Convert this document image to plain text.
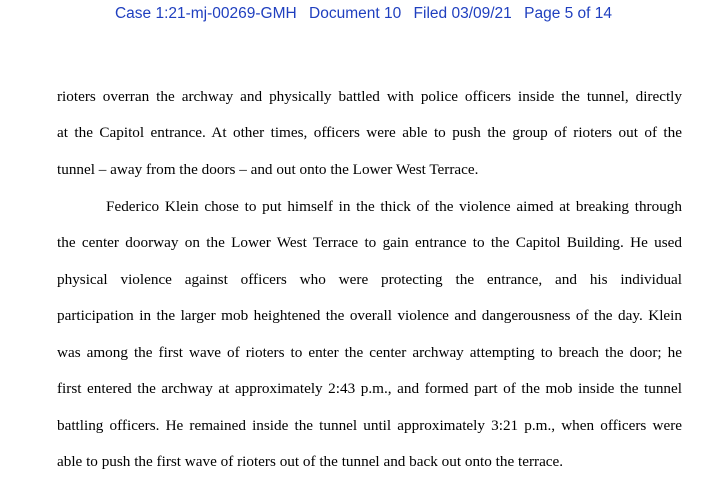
Case 1:21-mj-00269-GMH Document 10 Filed 03/09/21 Page 5 of 14
rioters overran the archway and physically battled with police officers inside the tunnel, directly
at the Capitol entrance. At other times, officers were able to push the group of rioters out of the
tunnel – away from the doors – and out onto the Lower West Terrace.
Federico Klein chose to put himself in the thick of the violence aimed at breaking through
the center doorway on the Lower West Terrace to gain entrance to the Capitol Building. He used
physical violence against officers who were protecting the entrance, and his individual
participation in the larger mob heightened the overall violence and dangerousness of the day. Klein
was among the first wave of rioters to enter the center archway attempting to breach the door; he
first entered the archway at approximately 2:43 p.m., and formed part of the mob inside the tunnel
battling officers. He remained inside the tunnel until approximately 3:21 p.m., when officers were
able to push the first wave of rioters out of the tunnel and back out onto the terrace.
